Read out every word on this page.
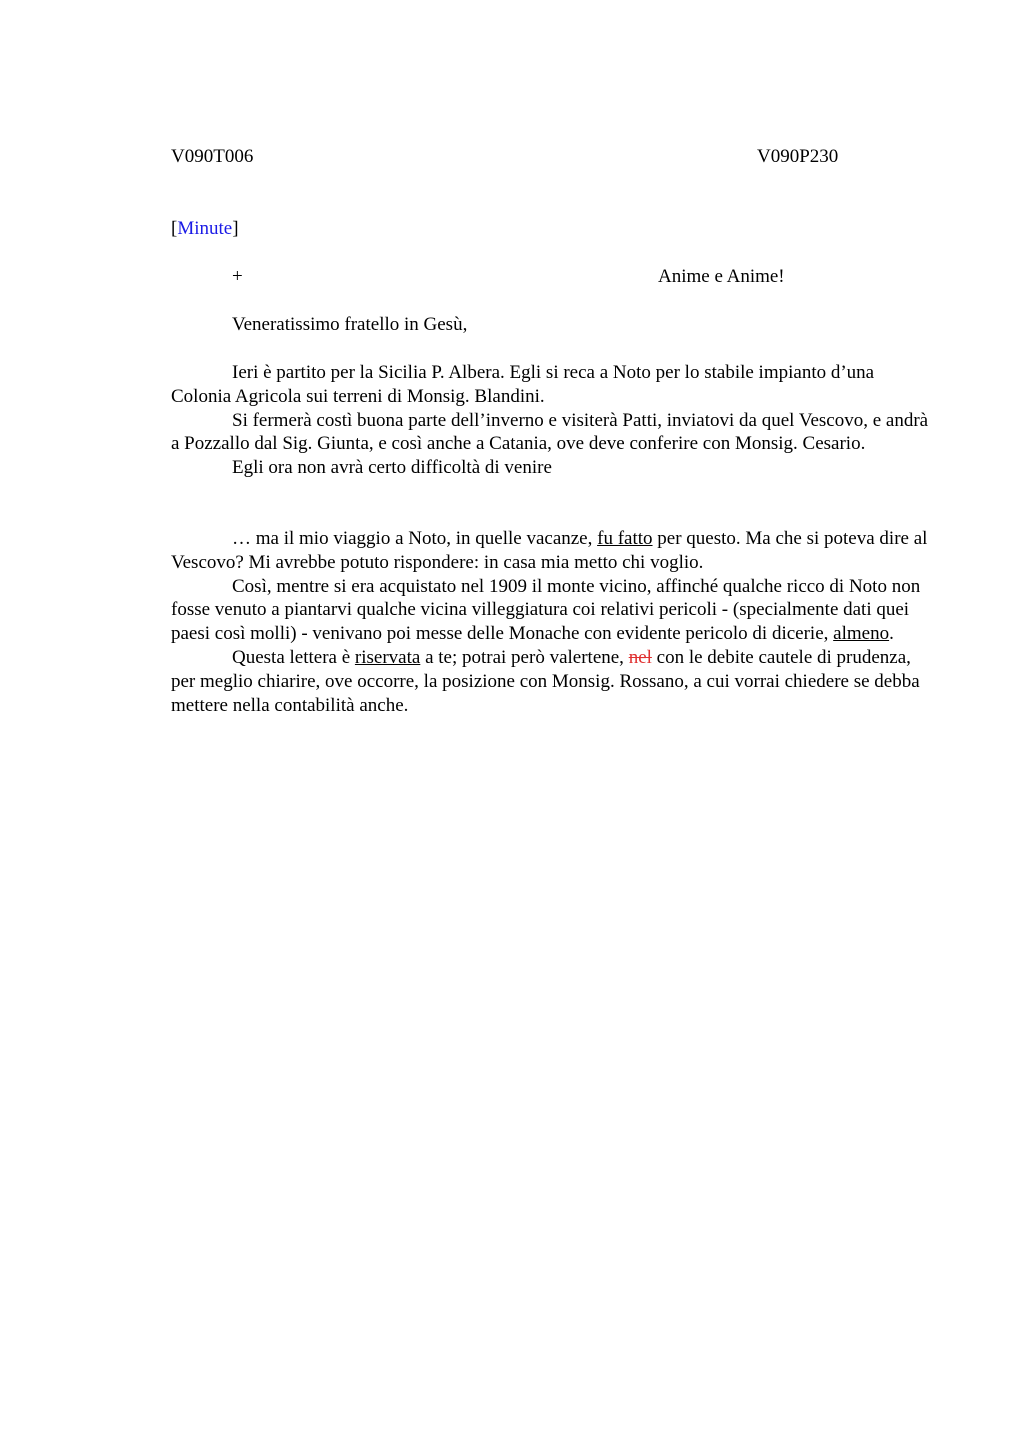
V090T006	V090P230
[Minute]
+	Anime e Anime!
Veneratissimo fratello in Gesù,

Ieri è partito per la Sicilia P. Albera. Egli si reca a Noto per lo stabile impianto d’una Colonia Agricola sui terreni di Monsig. Blandini.

Si fermerà costì buona parte dell’inverno e visiterà Patti, inviatovi da quel Vescovo, e andrà a Pozzallo dal Sig. Giunta, e così anche a Catania, ove deve conferire con Monsig. Cesario.

Egli ora non avrà certo difficoltà di venire

… ma il mio viaggio a Noto, in quelle vacanze, fu fatto per questo. Ma che si poteva dire al Vescovo? Mi avrebbe potuto rispondere: in casa mia metto chi voglio.

Così, mentre si era acquistato nel 1909 il monte vicino, affinché qualche ricco di Noto non fosse venuto a piantarvi qualche vicina villeggiatura coi relativi pericoli - (specialmente dati quei paesi così molli) - venivano poi messe delle Monache con evidente pericolo di dicerie, almeno.

Questa lettera è riservata a te; potrai però valertene, nel con le debite cautele di prudenza, per meglio chiarire, ove occorre, la posizione con Monsig. Rossano, a cui vorrai chiedere se debba mettere nella contabilità anche.
